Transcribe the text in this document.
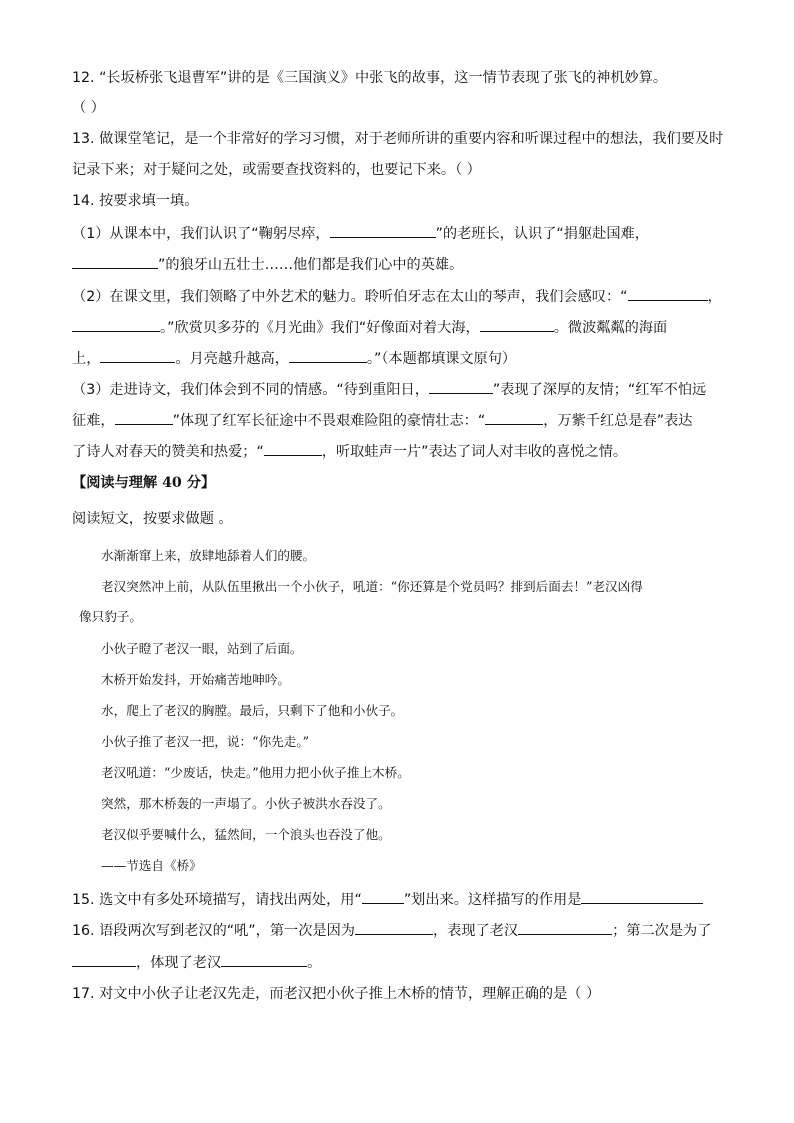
12. “长坂桥张飞退曹军”讲的是《三国演义》中张飞的故事，这一情节表现了张飞的神机妙算。
（ ）
13. 做课堂笔记，是一个非常好的学习习惯，对于老师所讲的重要内容和听课过程中的想法，我们要及时
记录下来；对于疑问之处，或需要查找资料的，也要记下来。（ ）
14. 按要求填一填。
（1）从课本中，我们认识了“鞠躬尽瘁，	”的老班长，认识了“捐躯赴国难，
”的狼牙山五壮士……他们都是我们心中的英雄。
（2）在课文里，我们领略了中外艺术的魅力。聆听伯牙志在太山的琴声，我们会感叹：“	，
。”欣赏贝多芬的《月光曲》我们“好像面对着大海，	。微波粼粼的海面
上，	。月亮越升越高，	。”（本题都填课文原句）
（3）走进诗文，我们体会到不同的情感。“待到重阳日，	”表现了深厚的友情；“红军不怕远
征难，	”体现了红军长征途中不畏艰难险阻的豪情壮志：“	，万紫千红总是春”表达
了诗人对春天的赞美和热爱；“	，听取蛙声一片”表达了词人对丰收的喜悦之情。
【阅读与理解 40 分】
阅读短文，按要求做题 。
水渐渐窜上来，放肆地舔着人们的腰。
老汉突然冲上前，从队伍里揪出一个小伙子，吼道：“你还算是个党员吗？排到后面去！”老汉凶得
像只豹子。
小伙子瞪了老汉一眼，站到了后面。
木桥开始发抖，开始痛苦地呻吟。
水，爬上了老汉的胸膛。最后，只剩下了他和小伙子。
小伙子推了老汉一把，说：“你先走。”
老汉吼道：“少废话，快走。”他用力把小伙子推上木桥。
突然，那木桥轰的一声塌了。小伙子被洪水吞没了。
老汉似乎要喊什么，猛然间，一个浪头也吞没了他。
——节选自《桥》
15. 选文中有多处环境描写，请找出两处，用“	”划出来。这样描写的作用是
16. 语段两次写到老汉的“吼”，第一次是因为	，表现了老汉	；第二次是为了
，体现了老汉	。
17. 对文中小伙子让老汉先走，而老汉把小伙子推上木桥的情节，理解正确的是（ ）
